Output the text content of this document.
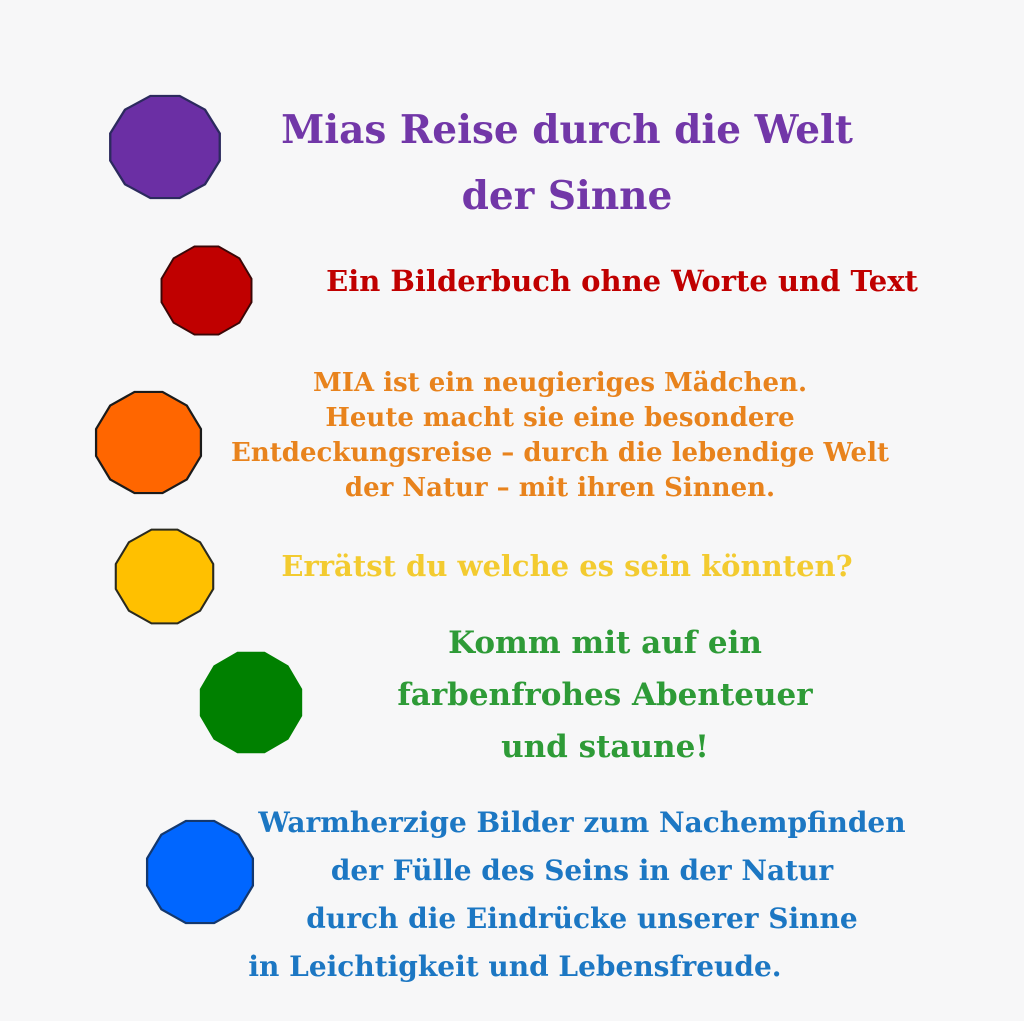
Mias Reise durch die Welt
der Sinne
Ein Bilderbuch ohne Worte und Text
MIA ist ein neugieriges Mädchen.
Heute macht sie eine besondere
Entdeckungsreise – durch die lebendige Welt
der Natur – mit ihren Sinnen.
Errätst du welche es sein könnten?
Komm mit auf ein
farbenfrohes Abenteuer
und staune!
Warmherzige Bilder zum Nachempfinden
der Fülle des Seins in der Natur
durch die Eindrücke unserer Sinne
in Leichtigkeit und Lebensfreude.
